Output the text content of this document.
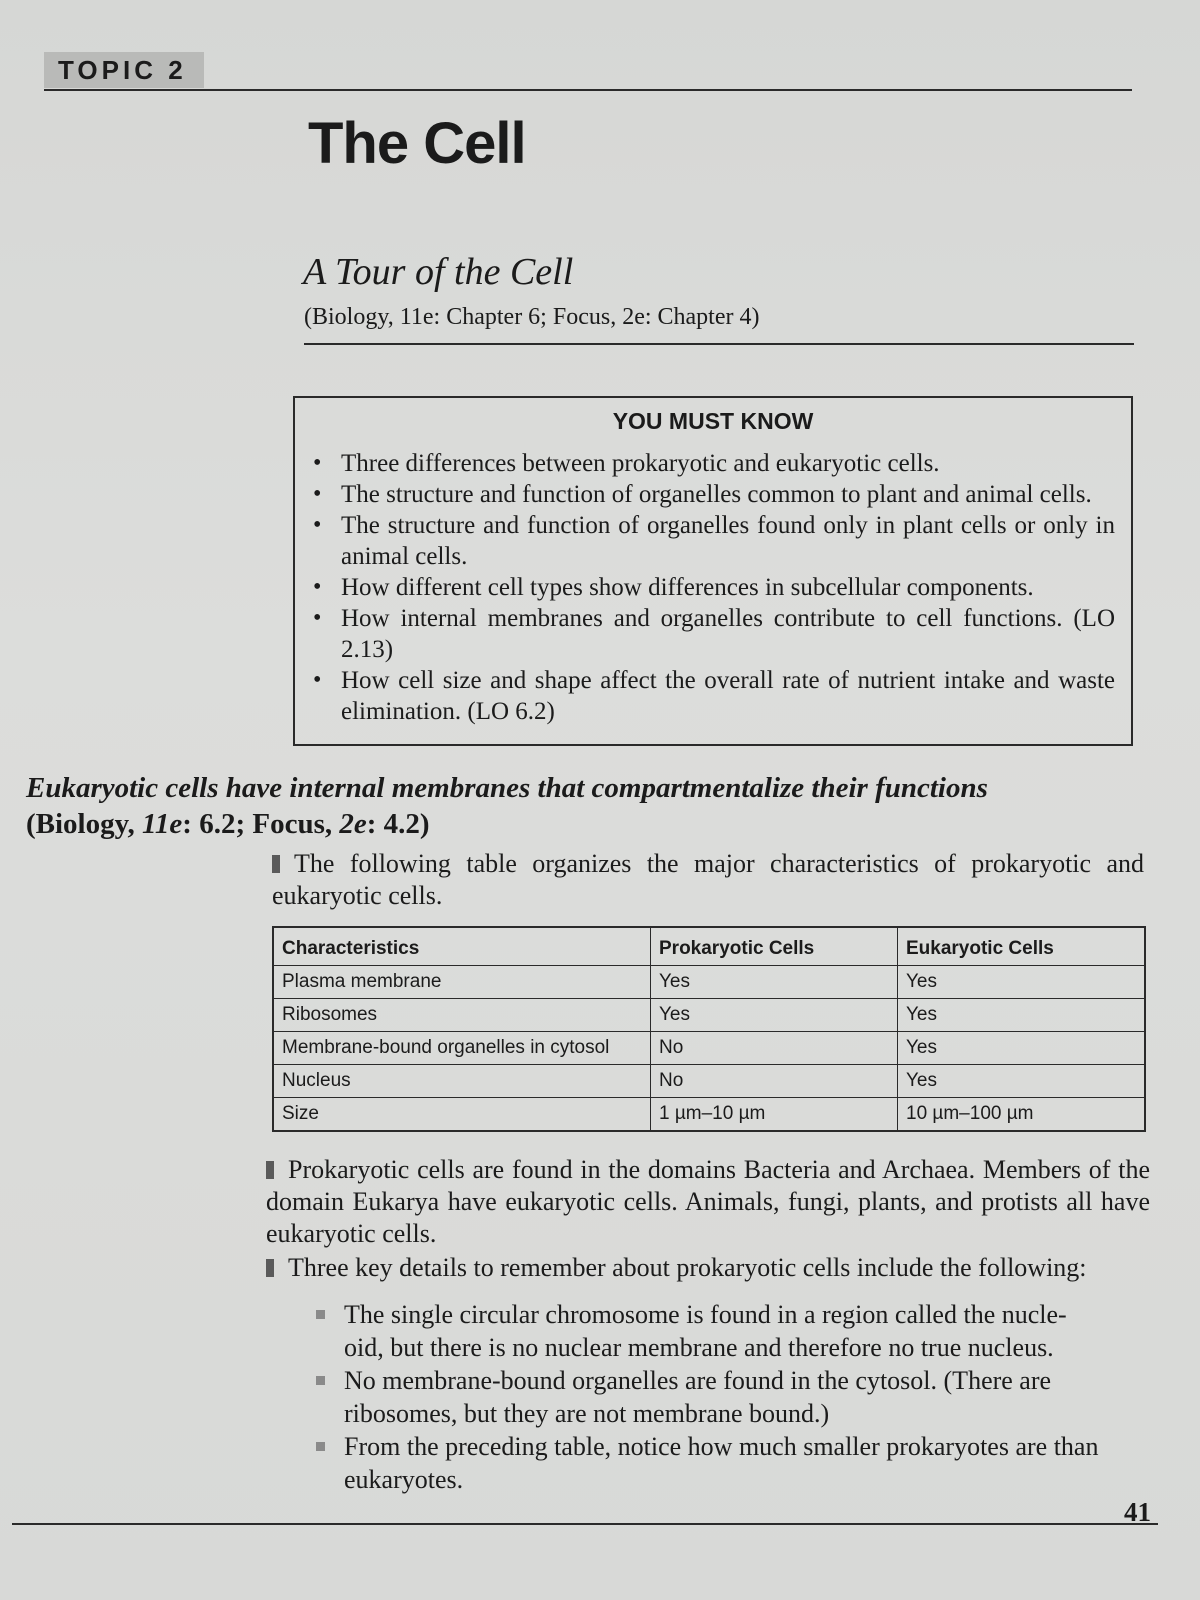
TOPIC 2
The Cell
A Tour of the Cell
(Biology, 11e: Chapter 6; Focus, 2e: Chapter 4)
YOU MUST KNOW
• Three differences between prokaryotic and eukaryotic cells.
• The structure and function of organelles common to plant and animal cells.
• The structure and function of organelles found only in plant cells or only in animal cells.
• How different cell types show differences in subcellular components.
• How internal membranes and organelles contribute to cell functions. (LO 2.13)
• How cell size and shape affect the overall rate of nutrient intake and waste elimination. (LO 6.2)
Eukaryotic cells have internal membranes that compartmentalize their functions
(Biology, 11e: 6.2; Focus, 2e: 4.2)
The following table organizes the major characteristics of prokaryotic and eukaryotic cells.
Characteristics	Prokaryotic Cells	Eukaryotic Cells
Plasma membrane	Yes	Yes
Ribosomes	Yes	Yes
Membrane-bound organelles in cytosol	No	Yes
Nucleus	No	Yes
Size	1 µm–10 µm	10 µm–100 µm
Prokaryotic cells are found in the domains Bacteria and Archaea. Members of the domain Eukarya have eukaryotic cells. Animals, fungi, plants, and protists all have eukaryotic cells.
Three key details to remember about prokaryotic cells include the following:
The single circular chromosome is found in a region called the nucle-oid, but there is no nuclear membrane and therefore no true nucleus.
No membrane-bound organelles are found in the cytosol. (There are ribosomes, but they are not membrane bound.)
From the preceding table, notice how much smaller prokaryotes are than eukaryotes.
41
